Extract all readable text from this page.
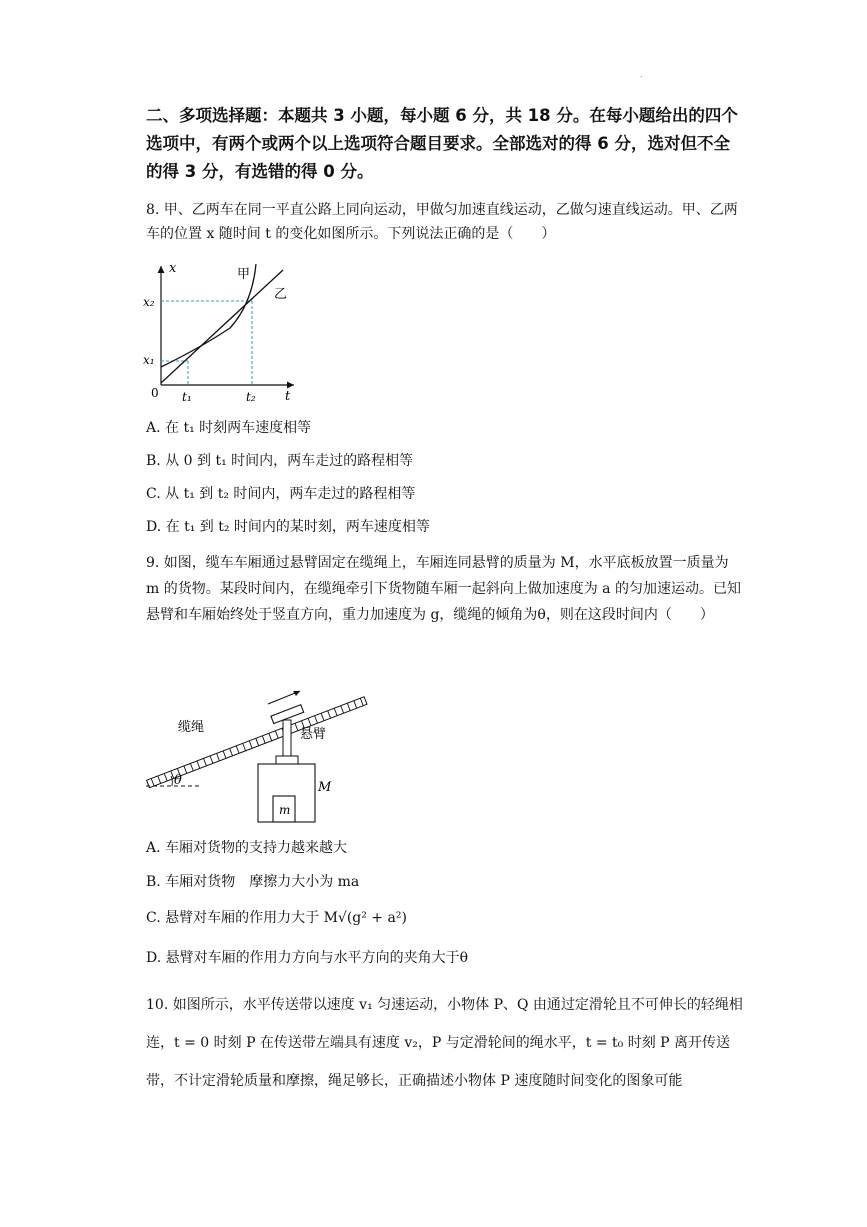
.
二、多项选择题：本题共 3 小题，每小题 6 分，共 18 分。在每小题给出的四个选项中，有两个或两个以上选项符合题目要求。全部选对的得 6 分，选对但不全的得 3 分，有选错的得 0 分。
8. 甲、乙两车在同一平直公路上同向运动，甲做匀加速直线运动，乙做匀速直线运动。甲、乙两车的位置 x 随时间 t 的变化如图所示。下列说法正确的是（　　）
x
t
0
x₂
x₁
t₁	t₂
甲
乙
A. 在 t₁ 时刻两车速度相等
B. 从 0 到 t₁ 时间内，两车走过的路程相等
C. 从 t₁ 到 t₂ 时间内，两车走过的路程相等
D. 在 t₁ 到 t₂ 时间内的某时刻，两车速度相等
9. 如图，缆车车厢通过悬臂固定在缆绳上，车厢连同悬臂的质量为 M，水平底板放置一质量为 m 的货物。某段时间内，在缆绳牵引下货物随车厢一起斜向上做加速度为 a 的匀加速运动。已知悬臂和车厢始终处于竖直方向，重力加速度为 g，缆绳的倾角为θ，则在这段时间内（　　）
θ
m
M
缆绳	悬臂
A. 车厢对货物的支持力越来越大
B. 车厢对货物　摩擦力大小为 ma
C. 悬臂对车厢的作用力大于 M√(g² + a²)
D. 悬臂对车厢的作用力方向与水平方向的夹角大于θ
10. 如图所示，水平传送带以速度 v₁ 匀速运动，小物体 P、Q 由通过定滑轮且不可伸长的轻绳相连，t = 0 时刻 P 在传送带左端具有速度 v₂，P 与定滑轮间的绳水平，t = t₀ 时刻 P 离开传送带，不计定滑轮质量和摩擦，绳足够长，正确描述小物体 P 速度随时间变化的图象可能
